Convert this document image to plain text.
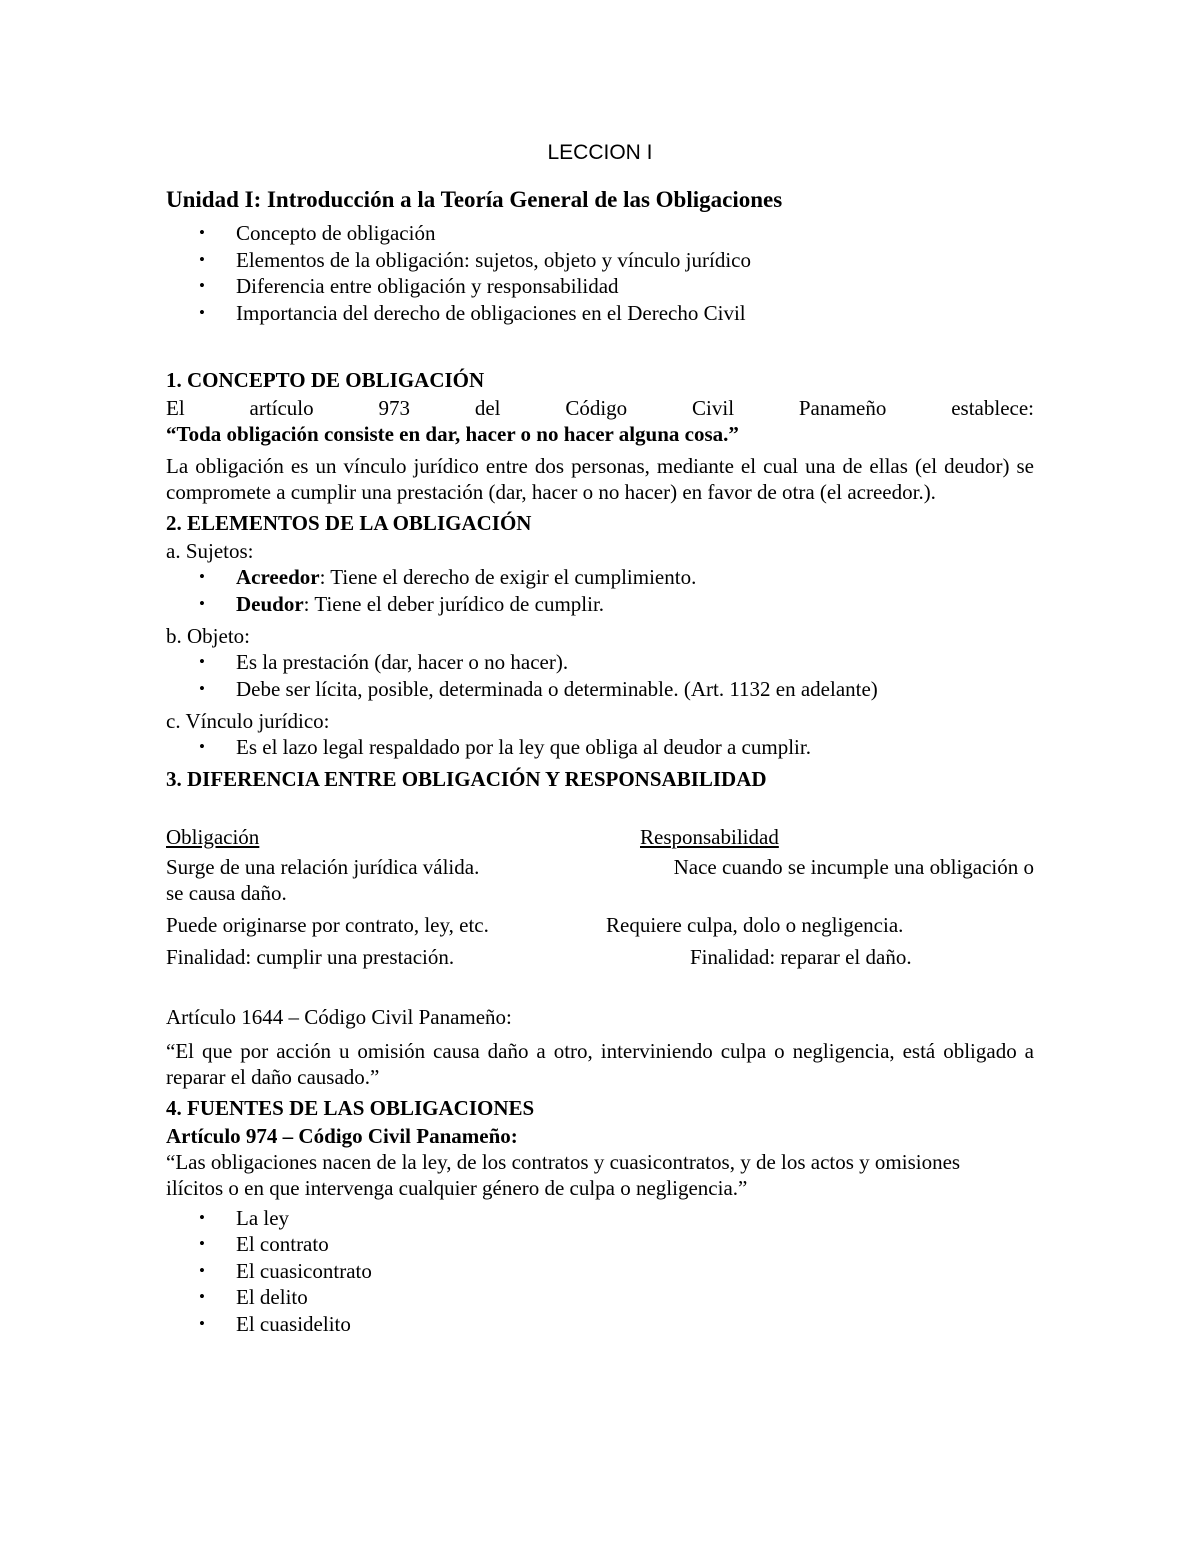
LECCION I
Unidad I: Introducción a la Teoría General de las Obligaciones
• Concepto de obligación
• Elementos de la obligación: sujetos, objeto y vínculo jurídico
• Diferencia entre obligación y responsabilidad
• Importancia del derecho de obligaciones en el Derecho Civil
1. CONCEPTO DE OBLIGACIÓN

El artículo 973 del Código Civil Panameño establece:

“Toda obligación consiste en dar, hacer o no hacer alguna cosa.”

La obligación es un vínculo jurídico entre dos personas, mediante el cual una de ellas (el deudor) se compromete a cumplir una prestación (dar, hacer o no hacer) en favor de otra (el acreedor.).

2. ELEMENTOS DE LA OBLIGACIÓN

a. Sujetos:

• Acreedor: Tiene el derecho de exigir el cumplimiento.
• Deudor: Tiene el deber jurídico de cumplir.

b. Objeto:

• Es la prestación (dar, hacer o no hacer).
• Debe ser lícita, posible, determinada o determinable. (Art. 1132 en adelante)

c. Vínculo jurídico:

• Es el lazo legal respaldado por la ley que obliga al deudor a cumplir.
3. DIFERENCIA ENTRE OBLIGACIÓN Y RESPONSABILIDAD
Obligación	Responsabilidad
Surge de una relación jurídica válida.	Nace cuando se incumple una obligación o
se causa daño.
Puede originarse por contrato, ley, etc.	Requiere culpa, dolo o negligencia.
Finalidad: cumplir una prestación.	Finalidad: reparar el daño.

Artículo 1644 – Código Civil Panameño:

“El que por acción u omisión causa daño a otro, interviniendo culpa o negligencia, está obligado a reparar el daño causado.”

4. FUENTES DE LAS OBLIGACIONES

Artículo 974 – Código Civil Panameño:

“Las obligaciones nacen de la ley, de los contratos y cuasicontratos, y de los actos y omisiones ilícitos o en que intervenga cualquier género de culpa o negligencia.”

• La ley
• El contrato
• El cuasicontrato
• El delito
• El cuasidelito
